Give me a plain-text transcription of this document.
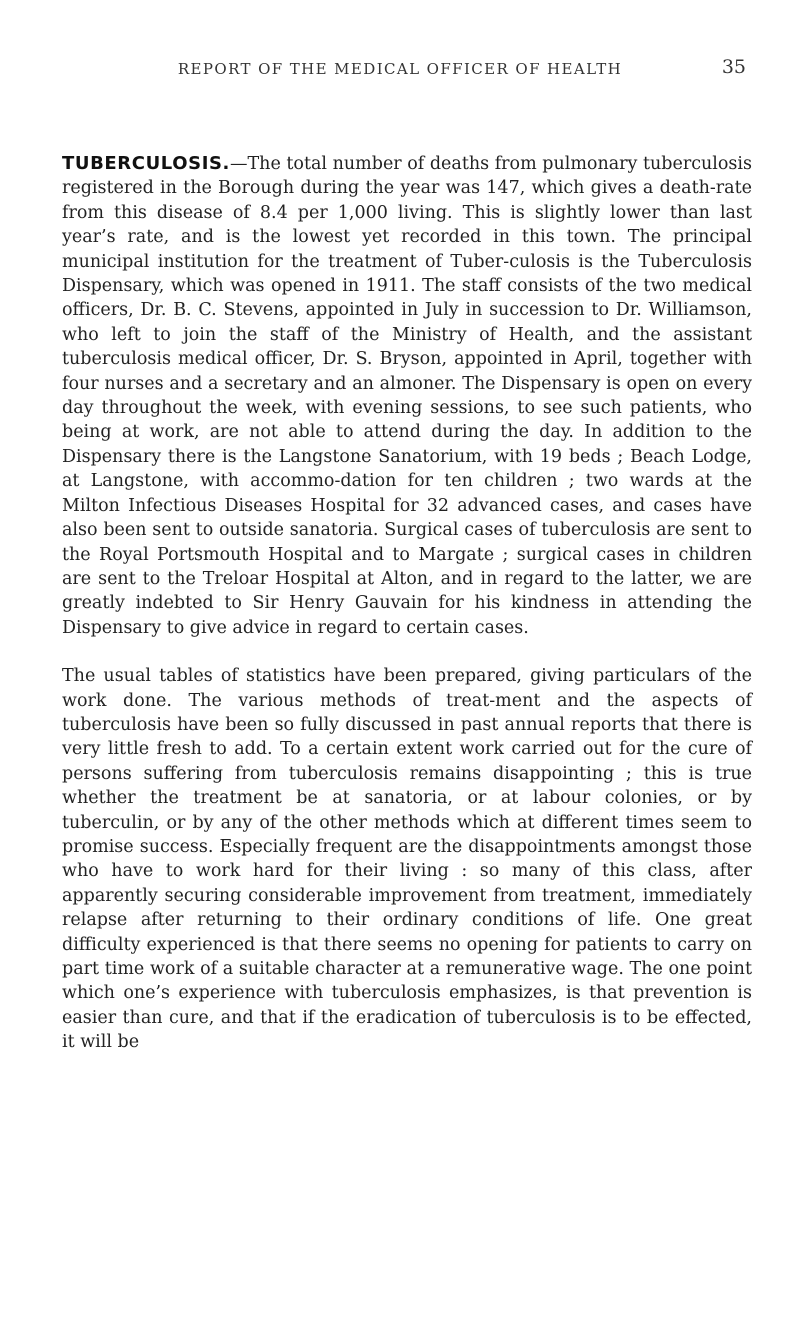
REPORT OF THE MEDICAL OFFICER OF HEALTH	35

TUBERCULOSIS.—The total number of deaths from pulmonary tuberculosis registered in the Borough during the year was 147, which gives a death-rate from this disease of 8.4 per 1,000 living. This is slightly lower than last year’s rate, and is the lowest yet recorded in this town. The principal municipal institution for the treatment of Tuber-culosis is the Tuberculosis Dispensary, which was opened in 1911. The staff consists of the two medical officers, Dr. B. C. Stevens, appointed in July in succession to Dr. Williamson, who left to join the staff of the Ministry of Health, and the assistant tuberculosis medical officer, Dr. S. Bryson, appointed in April, together with four nurses and a secretary and an almoner. The Dispensary is open on every day throughout the week, with evening sessions, to see such patients, who being at work, are not able to attend during the day. In addition to the Dispensary there is the Langstone Sanatorium, with 19 beds ; Beach Lodge, at Langstone, with accommo-dation for ten children ; two wards at the Milton Infectious Diseases Hospital for 32 advanced cases, and cases have also been sent to outside sanatoria. Surgical cases of tuberculosis are sent to the Royal Portsmouth Hospital and to Margate ; surgical cases in children are sent to the Treloar Hospital at Alton, and in regard to the latter, we are greatly indebted to Sir Henry Gauvain for his kindness in attending the Dispensary to give advice in regard to certain cases.

The usual tables of statistics have been prepared, giving particulars of the work done. The various methods of treat-ment and the aspects of tuberculosis have been so fully discussed in past annual reports that there is very little fresh to add. To a certain extent work carried out for the cure of persons suffering from tuberculosis remains disappointing ; this is true whether the treatment be at sanatoria, or at labour colonies, or by tuberculin, or by any of the other methods which at different times seem to promise success. Especially frequent are the disappointments amongst those who have to work hard for their living : so many of this class, after apparently securing considerable improvement from treatment, immediately relapse after returning to their ordinary conditions of life. One great difficulty experienced is that there seems no opening for patients to carry on part time work of a suitable character at a remunerative wage. The one point which one’s experience with tuberculosis emphasizes, is that prevention is easier than cure, and that if the eradication of tuberculosis is to be effected, it will be
